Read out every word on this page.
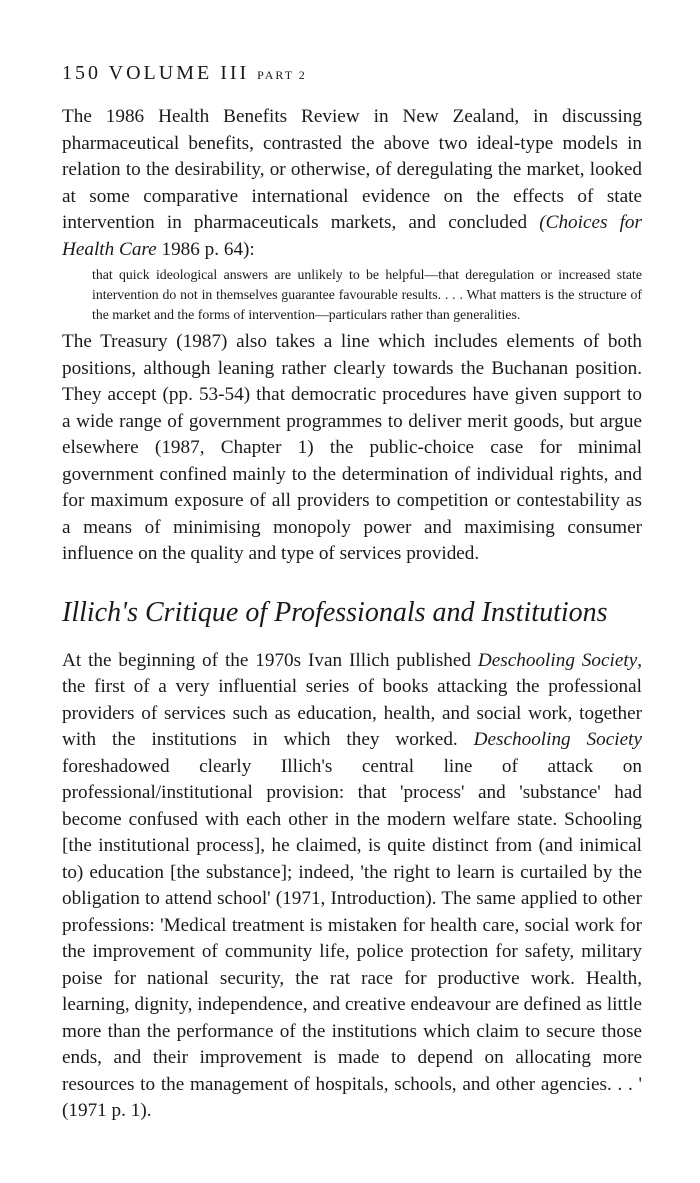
150 VOLUME III PART 2

The 1986 Health Benefits Review in New Zealand, in discussing pharmaceutical benefits, contrasted the above two ideal-type models in relation to the desirability, or otherwise, of deregulating the market, looked at some comparative international evidence on the effects of state intervention in pharmaceuticals markets, and concluded (Choices for Health Care 1986 p. 64):

that quick ideological answers are unlikely to be helpful—that deregulation or increased state intervention do not in themselves guarantee favourable results. . . . What matters is the structure of the market and the forms of intervention—particulars rather than generalities.

The Treasury (1987) also takes a line which includes elements of both positions, although leaning rather clearly towards the Buchanan position. They accept (pp. 53-54) that democratic procedures have given support to a wide range of government programmes to deliver merit goods, but argue elsewhere (1987, Chapter 1) the public-choice case for minimal government confined mainly to the determination of individual rights, and for maximum exposure of all providers to competition or contestability as a means of minimising monopoly power and maximising consumer influence on the quality and type of services provided.

Illich's Critique of Professionals and Institutions

At the beginning of the 1970s Ivan Illich published Deschooling Society, the first of a very influential series of books attacking the professional providers of services such as education, health, and social work, together with the institutions in which they worked. Deschooling Society foreshadowed clearly Illich's central line of attack on professional/institutional provision: that 'process' and 'substance' had become confused with each other in the modern welfare state. Schooling [the institutional process], he claimed, is quite distinct from (and inimical to) education [the substance]; indeed, 'the right to learn is curtailed by the obligation to attend school' (1971, Introduction). The same applied to other professions: 'Medical treatment is mistaken for health care, social work for the improvement of community life, police protection for safety, military poise for national security, the rat race for productive work. Health, learning, dignity, independence, and creative endeavour are defined as little more than the performance of the institutions which claim to secure those ends, and their improvement is made to depend on allocating more resources to the management of hospitals, schools, and other agencies. . . ' (1971 p. 1).
